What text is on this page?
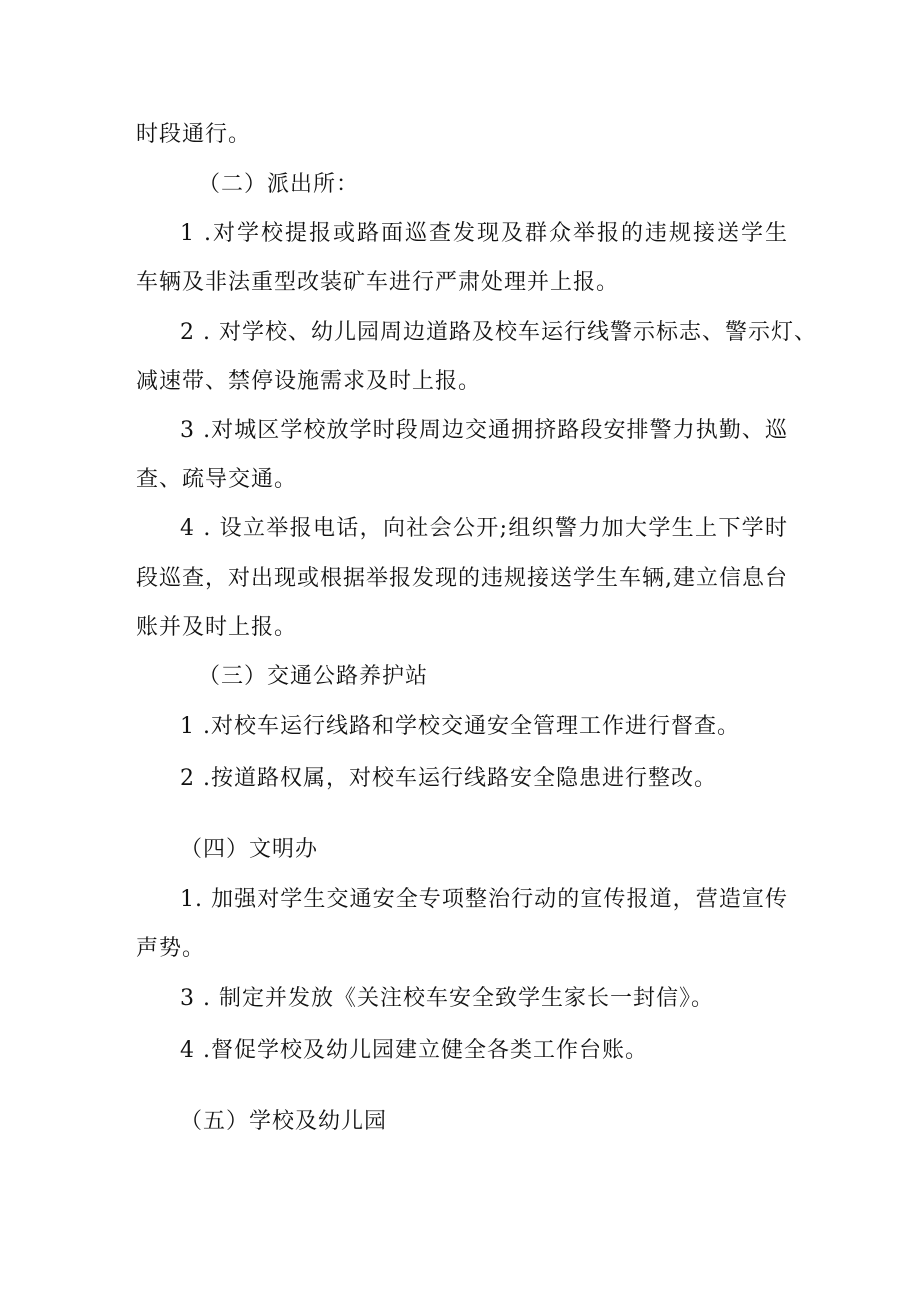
时段通行。
（二）派出所：
1 .对学校提报或路面巡查发现及群众举报的违规接送学生
车辆及非法重型改装矿车进行严肃处理并上报。
2 . 对学校、幼儿园周边道路及校车运行线警示标志、警示灯、
减速带、禁停设施需求及时上报。
3 .对城区学校放学时段周边交通拥挤路段安排警力执勤、巡
查、疏导交通。
4 . 设立举报电话，向社会公开;组织警力加大学生上下学时
段巡查，对出现或根据举报发现的违规接送学生车辆,建立信息台
账并及时上报。
（三）交通公路养护站
1 .对校车运行线路和学校交通安全管理工作进行督查。
2 .按道路权属，对校车运行线路安全隐患进行整改。
（四）文明办
1. 加强对学生交通安全专项整治行动的宣传报道，营造宣传
声势。
3 . 制定并发放《关注校车安全致学生家长一封信》。
4 .督促学校及幼儿园建立健全各类工作台账。
（五）学校及幼儿园
